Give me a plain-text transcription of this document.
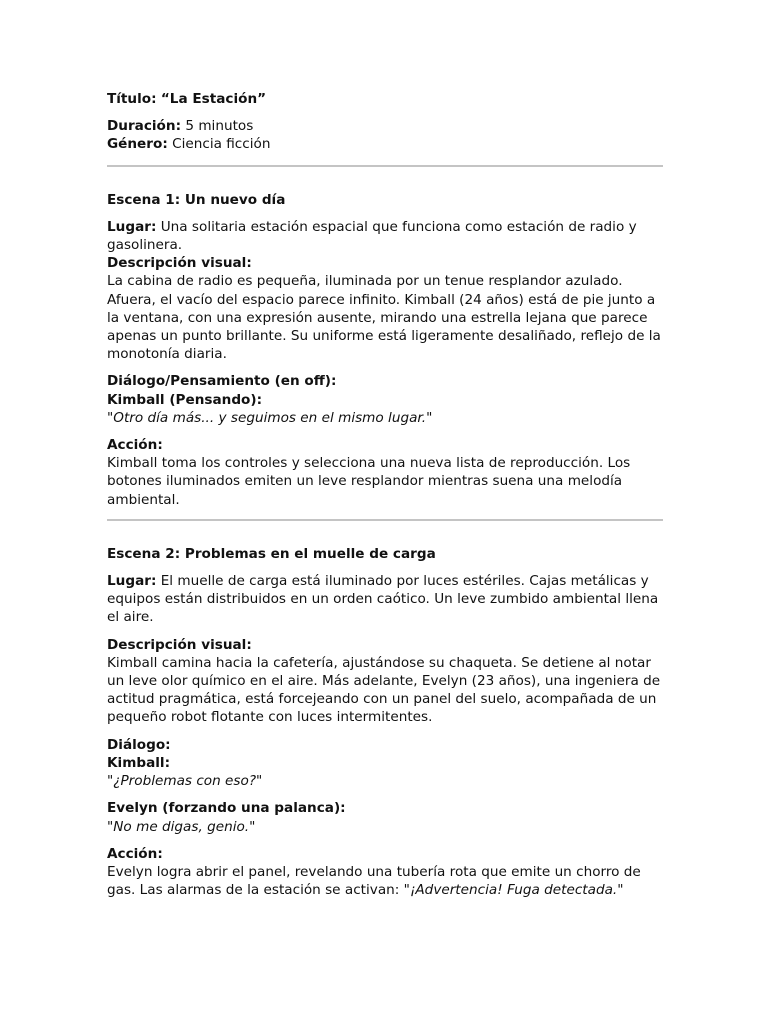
Título: “La Estación”

Duración: 5 minutos

Género: Ciencia ficción

Escena 1: Un nuevo día

Lugar: Una solitaria estación espacial que funciona como estación de radio y gasolinera.

Descripción visual:

La cabina de radio es pequeña, iluminada por un tenue resplandor azulado. Afuera, el vacío del espacio parece infinito. Kimball (24 años) está de pie junto a la ventana, con una expresión ausente, mirando una estrella lejana que parece apenas un punto brillante. Su uniforme está ligeramente desaliñado, reflejo de la monotonía diaria.

Diálogo/Pensamiento (en off):

Kimball (Pensando):

"Otro día más... y seguimos en el mismo lugar."

Acción:

Kimball toma los controles y selecciona una nueva lista de reproducción. Los botones iluminados emiten un leve resplandor mientras suena una melodía ambiental.

Escena 2: Problemas en el muelle de carga

Lugar: El muelle de carga está iluminado por luces estériles. Cajas metálicas y equipos están distribuidos en un orden caótico. Un leve zumbido ambiental llena el aire.

Descripción visual:

Kimball camina hacia la cafetería, ajustándose su chaqueta. Se detiene al notar un leve olor químico en el aire. Más adelante, Evelyn (23 años), una ingeniera de actitud pragmática, está forcejeando con un panel del suelo, acompañada de un pequeño robot flotante con luces intermitentes.

Diálogo:

Kimball:

"¿Problemas con eso?"

Evelyn (forzando una palanca):

"No me digas, genio."

Acción:

Evelyn logra abrir el panel, revelando una tubería rota que emite un chorro de gas. Las alarmas de la estación se activan: "¡Advertencia! Fuga detectada."
